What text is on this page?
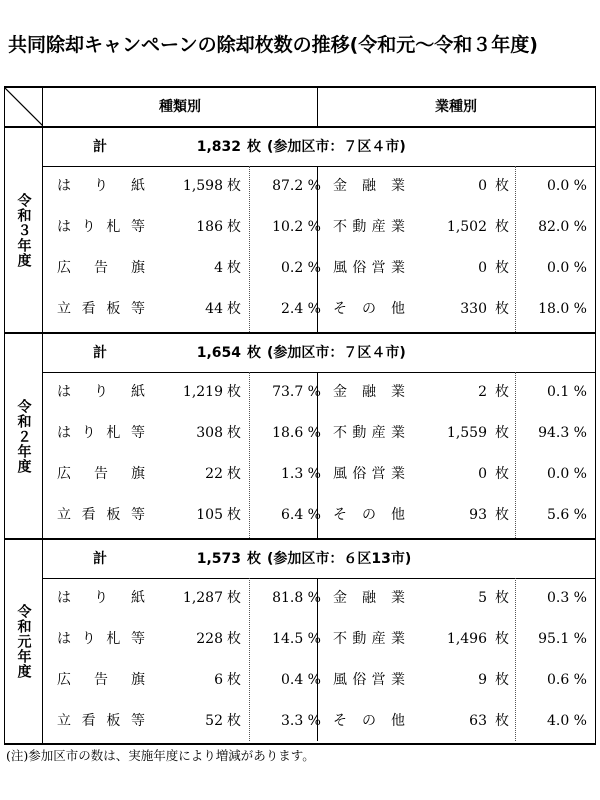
共同除却キャンペーンの除却枚数の推移(令和元～令和３年度)
種類別	業種別
令和３年度
計	1,832 枚 (参加区市：７区４市)
はり紙	1,598 枚	87.2 % 金融業	0 枚	0.0 %
はり札等	186 枚	10.2 % 不動産業	1,502 枚	82.0 %
広告旗	4 枚	0.2 % 風俗営業	0 枚	0.0 %
立看板等	44 枚	2.4 % その他	330 枚	18.0 %
令和２年度
計	1,654 枚 (参加区市：７区４市)
はり紙	1,219 枚	73.7 % 金融業	2 枚	0.1 %
はり札等	308 枚	18.6 % 不動産業	1,559 枚	94.3 %
広告旗	22 枚	1.3 % 風俗営業	0 枚	0.0 %
立看板等	105 枚	6.4 % その他	93 枚	5.6 %
令和元年度
計	1,573 枚 (参加区市：６区13市)
はり紙	1,287 枚	81.8 % 金融業	5 枚	0.3 %
はり札等	228 枚	14.5 % 不動産業	1,496 枚	95.1 %
広告旗	6 枚	0.4 % 風俗営業	9 枚	0.6 %
立看板等	52 枚	3.3 % その他	63 枚	4.0 %
(注)参加区市の数は、実施年度により増減があります。
